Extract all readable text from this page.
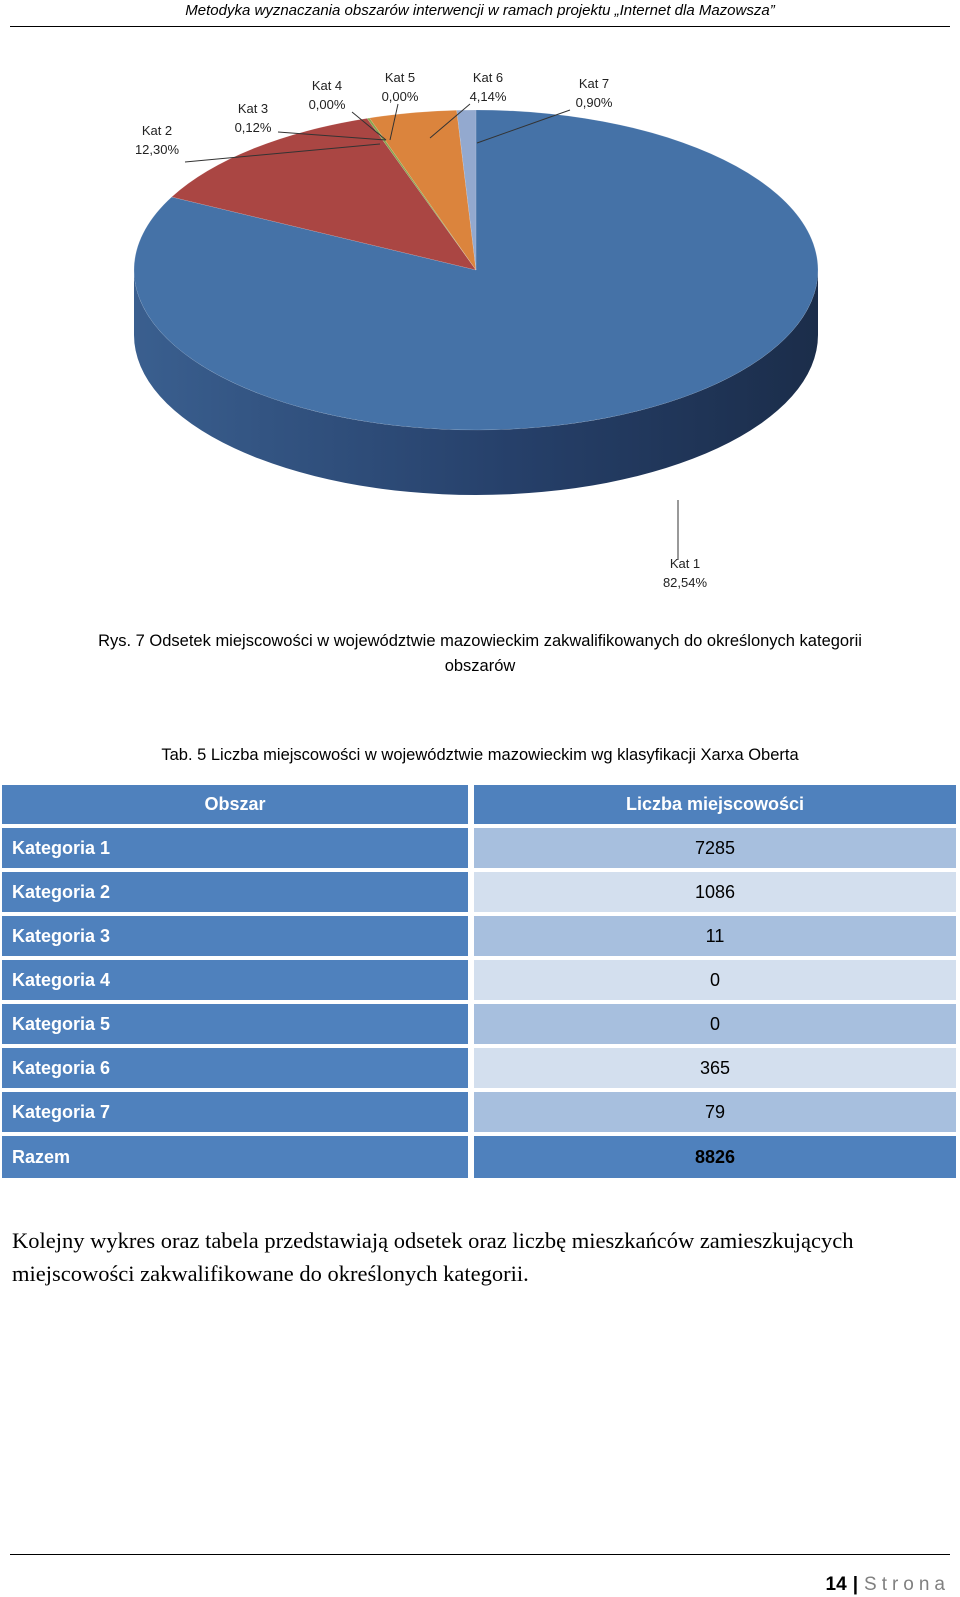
Metodyka wyznaczania obszarów interwencji w ramach projektu „Internet dla Mazowsza”
Kat 1
82,54%
Kat 2
12,30%
Kat 3
0,12%
Kat 4
0,00%
Kat 5
0,00%
Kat 6
4,14%
Kat 7
0,90%
Rys. 7 Odsetek miejscowości w województwie mazowieckim zakwalifikowanych do określonych kategorii
obszarów
Tab. 5 Liczba miejscowości w województwie mazowieckim wg klasyfikacji Xarxa Oberta
Obszar	Liczba miejscowości
Kategoria 1	7285
Kategoria 2	1086
Kategoria 3	11
Kategoria 4	0
Kategoria 5	0
Kategoria 6	365
Kategoria 7	79
Razem	8826
Kolejny wykres oraz tabela przedstawiają odsetek oraz liczbę mieszkańców zamieszkujących miejscowości zakwalifikowane do określonych kategorii.
14 | Strona
